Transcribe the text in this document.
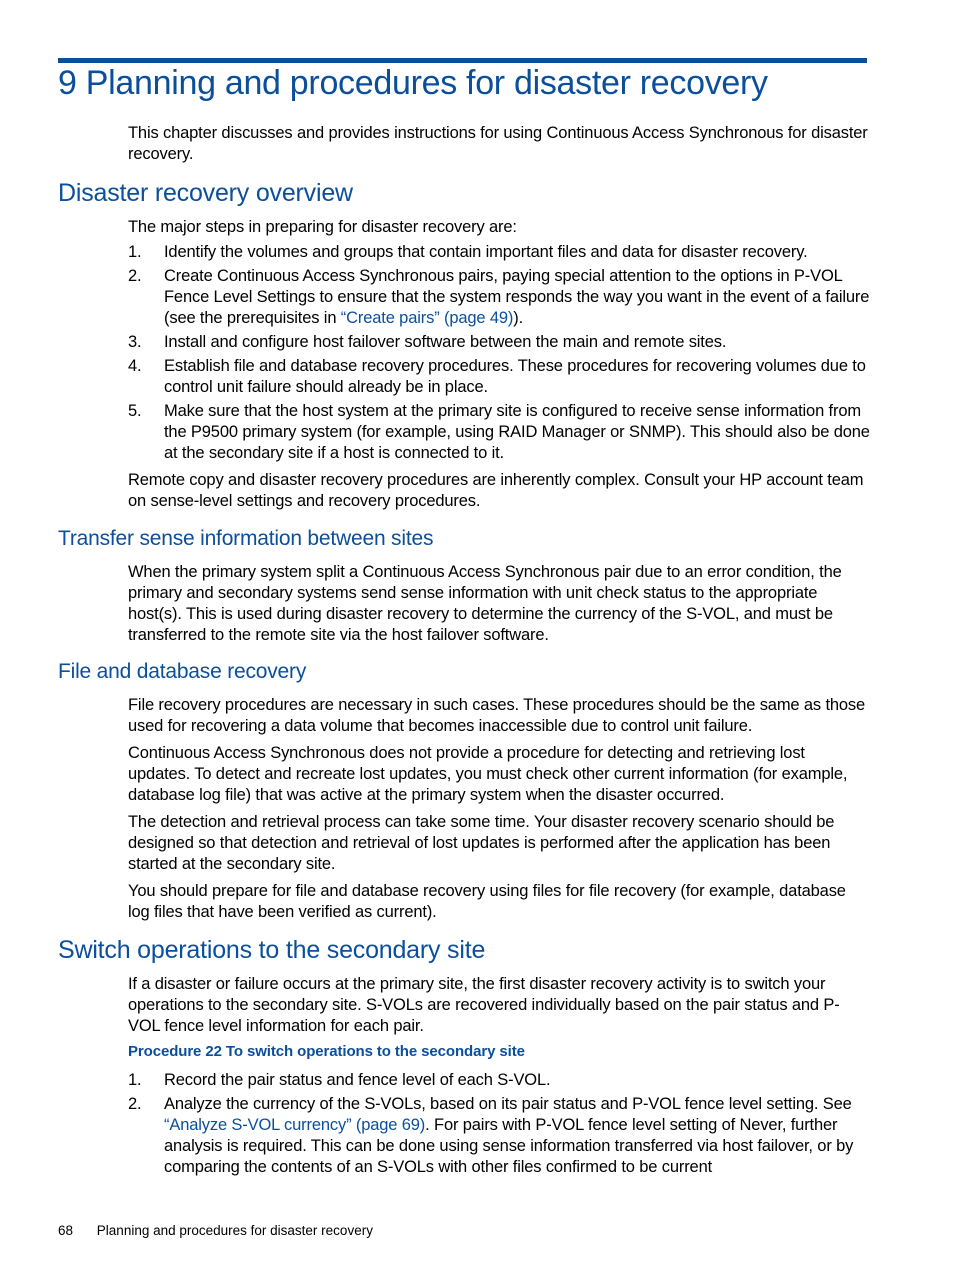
9 Planning and procedures for disaster recovery

This chapter discusses and provides instructions for using Continuous Access Synchronous for disaster recovery.

Disaster recovery overview

The major steps in preparing for disaster recovery are:

1. Identify the volumes and groups that contain important files and data for disaster recovery.
2. Create Continuous Access Synchronous pairs, paying special attention to the options in P-VOL Fence Level Settings to ensure that the system responds the way you want in the event of a failure (see the prerequisites in “Create pairs” (page 49)).
3. Install and configure host failover software between the main and remote sites.
4. Establish file and database recovery procedures. These procedures for recovering volumes due to control unit failure should already be in place.
5. Make sure that the host system at the primary site is configured to receive sense information from the P9500 primary system (for example, using RAID Manager or SNMP). This should also be done at the secondary site if a host is connected to it.

Remote copy and disaster recovery procedures are inherently complex. Consult your HP account team on sense-level settings and recovery procedures.

Transfer sense information between sites

When the primary system split a Continuous Access Synchronous pair due to an error condition, the primary and secondary systems send sense information with unit check status to the appropriate host(s). This is used during disaster recovery to determine the currency of the S-VOL, and must be transferred to the remote site via the host failover software.

File and database recovery

File recovery procedures are necessary in such cases. These procedures should be the same as those used for recovering a data volume that becomes inaccessible due to control unit failure.

Continuous Access Synchronous does not provide a procedure for detecting and retrieving lost updates. To detect and recreate lost updates, you must check other current information (for example, database log file) that was active at the primary system when the disaster occurred.

The detection and retrieval process can take some time. Your disaster recovery scenario should be designed so that detection and retrieval of lost updates is performed after the application has been started at the secondary site.

You should prepare for file and database recovery using files for file recovery (for example, database log files that have been verified as current).

Switch operations to the secondary site

If a disaster or failure occurs at the primary site, the first disaster recovery activity is to switch your operations to the secondary site. S-VOLs are recovered individually based on the pair status and P-VOL fence level information for each pair.

Procedure 22 To switch operations to the secondary site

1. Record the pair status and fence level of each S-VOL.
2. Analyze the currency of the S-VOLs, based on its pair status and P-VOL fence level setting. See “Analyze S-VOL currency” (page 69). For pairs with P-VOL fence level setting of Never, further analysis is required. This can be done using sense information transferred via host failover, or by comparing the contents of an S-VOLs with other files confirmed to be current
68 Planning and procedures for disaster recovery
